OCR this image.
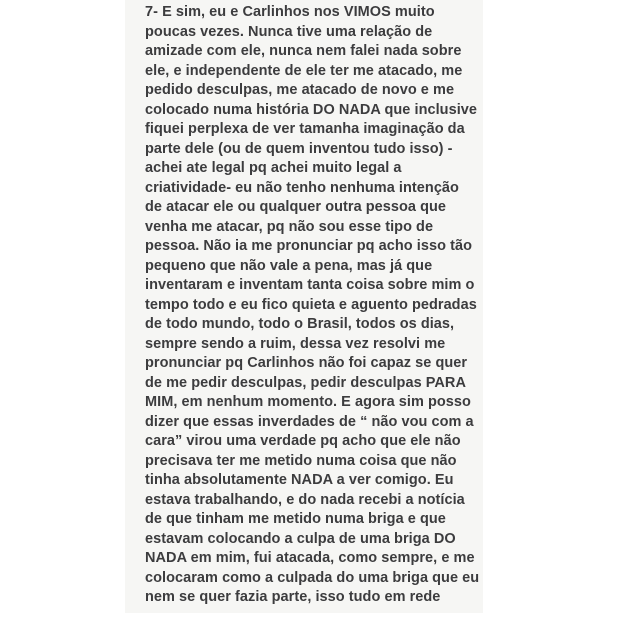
7- E sim, eu e Carlinhos nos VIMOS muito
poucas vezes. Nunca tive uma relação de
amizade com ele, nunca nem falei nada sobre
ele, e independente de ele ter me atacado, me
pedido desculpas, me atacado de novo e me
colocado numa história DO NADA que inclusive
fiquei perplexa de ver tamanha imaginação da
parte dele (ou de quem inventou tudo isso) -
achei ate legal pq achei muito legal a
criatividade- eu não tenho nenhuma intenção
de atacar ele ou qualquer outra pessoa que
venha me atacar, pq não sou esse tipo de
pessoa. Não ia me pronunciar pq acho isso tão
pequeno que não vale a pena, mas já que
inventaram e inventam tanta coisa sobre mim o
tempo todo e eu fico quieta e aguento pedradas
de todo mundo, todo o Brasil, todos os dias,
sempre sendo a ruim, dessa vez resolvi me
pronunciar pq Carlinhos não foi capaz se quer
de me pedir desculpas, pedir desculpas PARA
MIM, em nenhum momento. E agora sim posso
dizer que essas inverdades de “ não vou com a
cara” virou uma verdade pq acho que ele não
precisava ter me metido numa coisa que não
tinha absolutamente NADA a ver comigo. Eu
estava trabalhando, e do nada recebi a notícia
de que tinham me metido numa briga e que
estavam colocando a culpa de uma briga DO
NADA em mim, fui atacada, como sempre, e me
colocaram como a culpada do uma briga que eu
nem se quer fazia parte, isso tudo em rede
